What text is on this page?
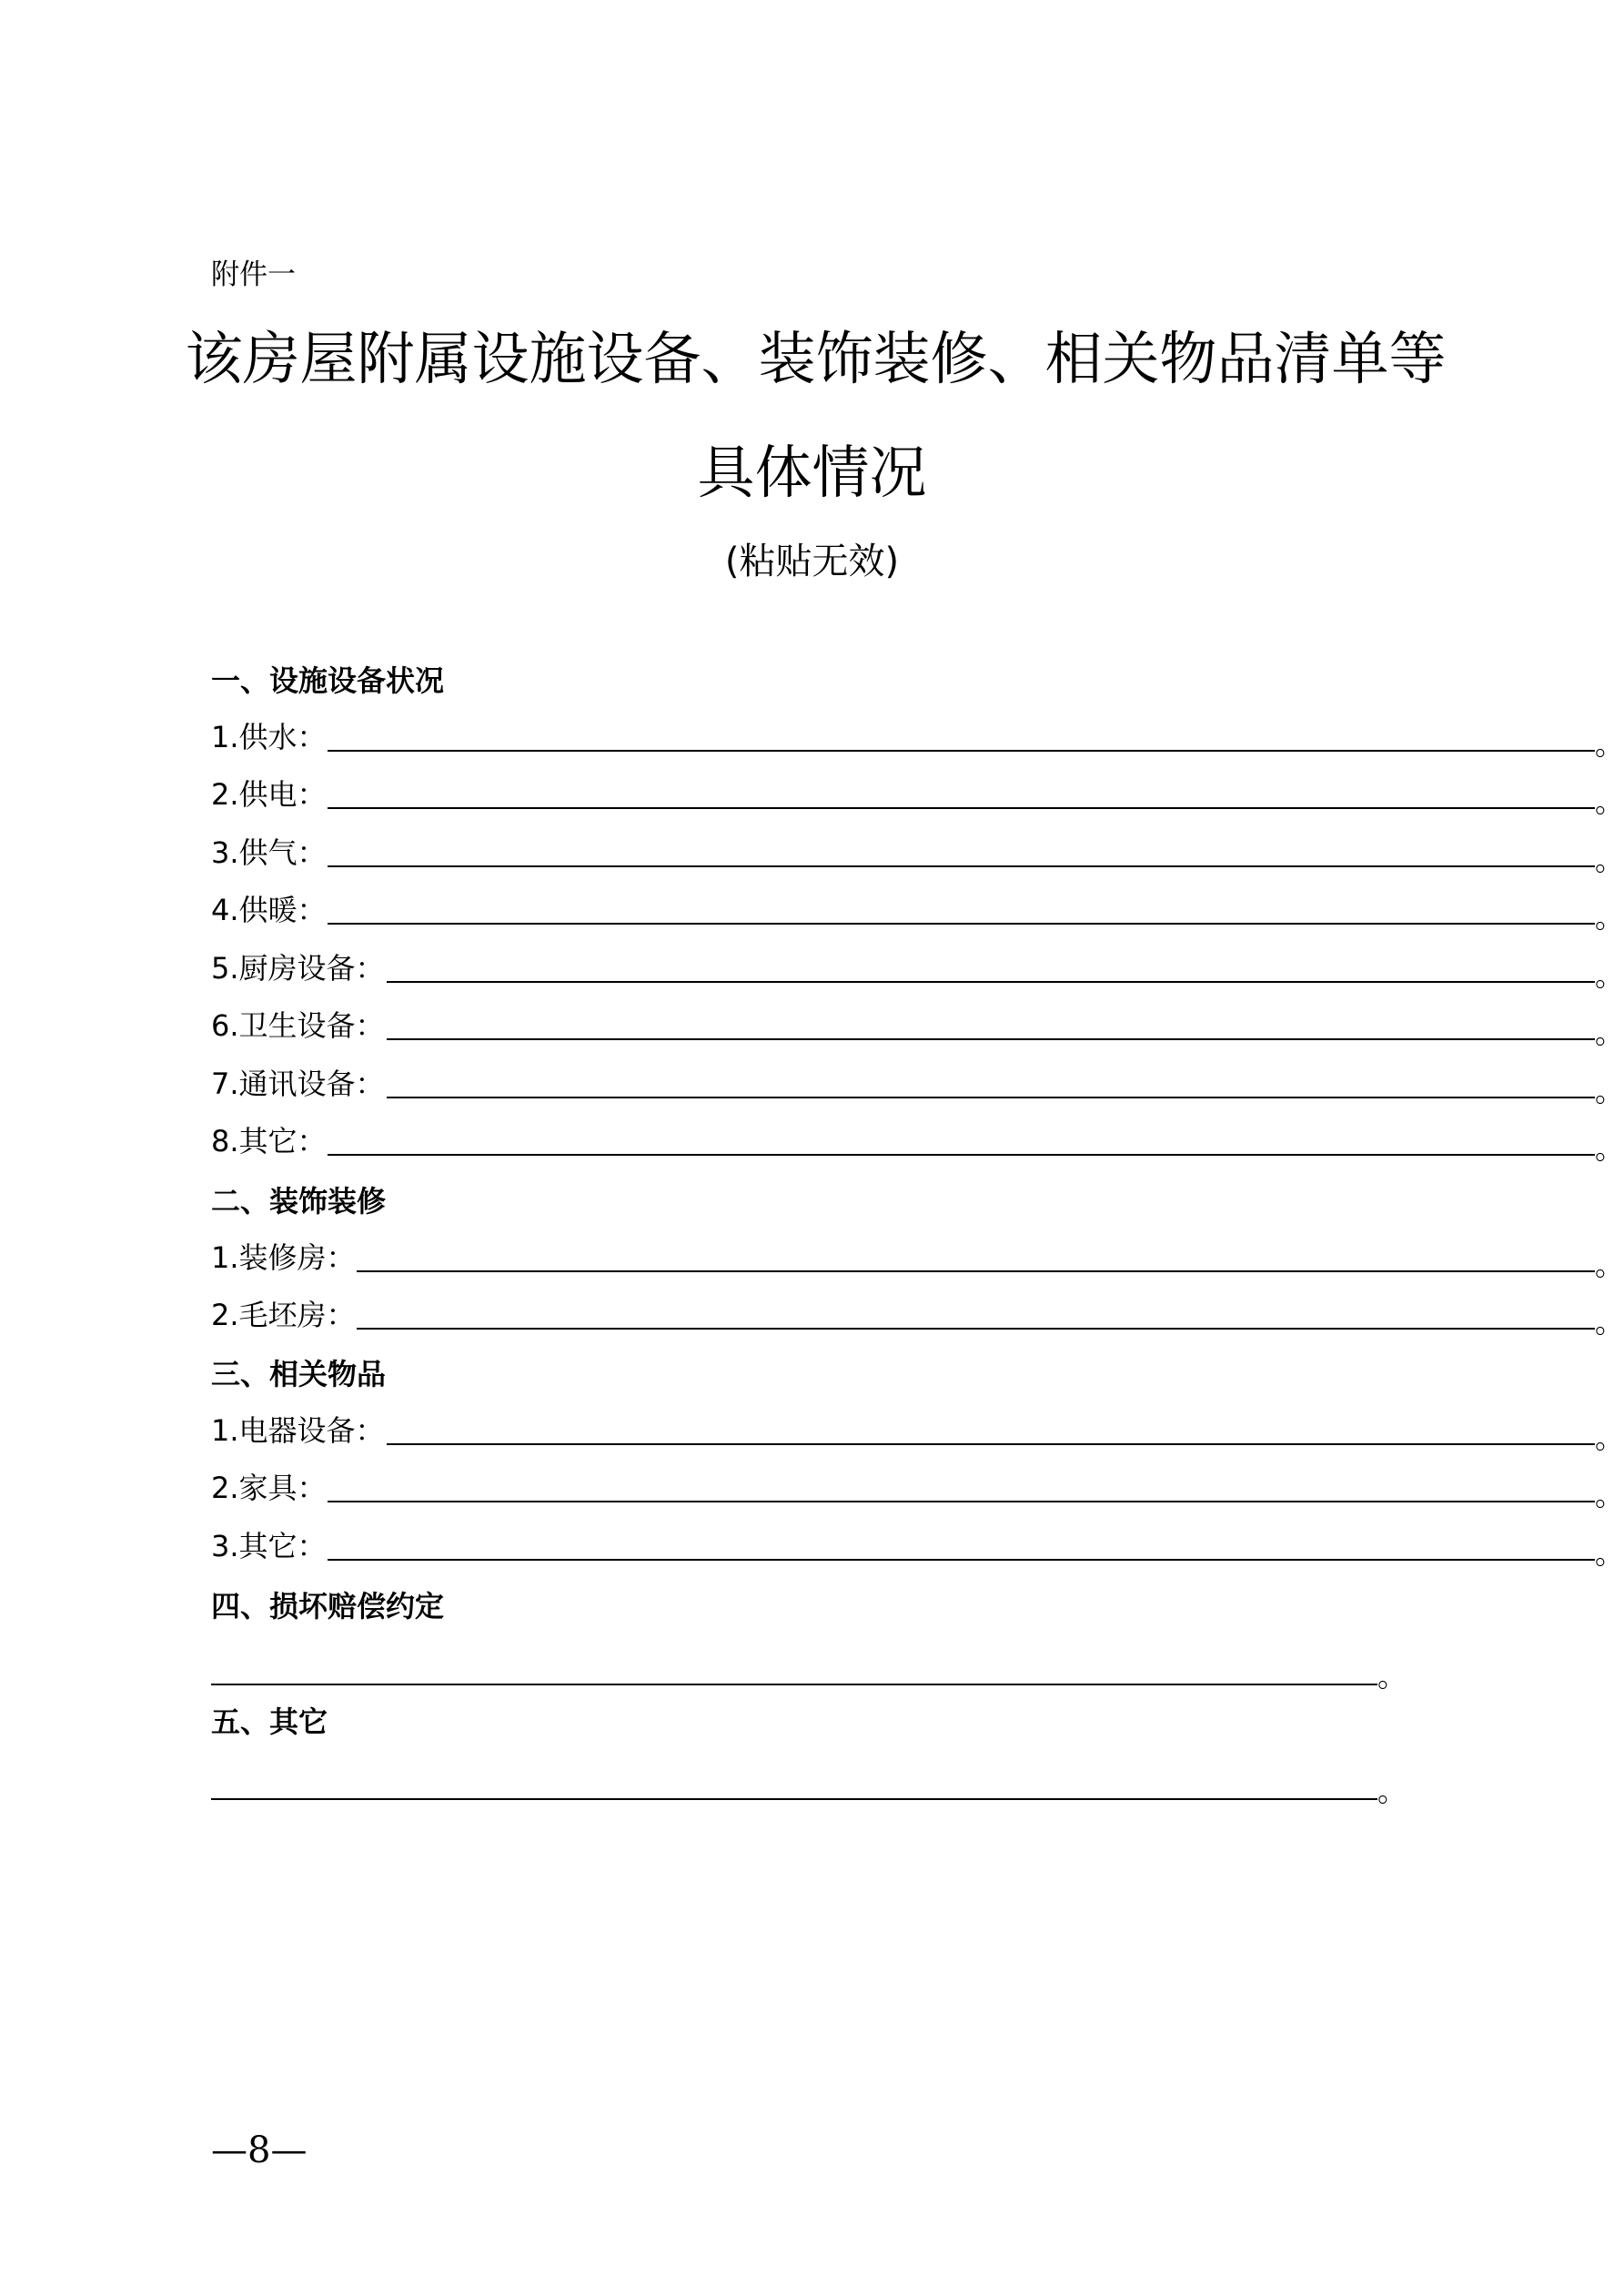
附件一
该房屋附属设施设备、装饰装修、相关物品清单等
具体情况
(粘贴无效)
一、设施设备状况
1.供水：	。
2.供电：	。
3.供气：	。
4.供暖：	。
5.厨房设备：	。
6.卫生设备：	。
7.通讯设备：	。
8.其它：	。
二、装饰装修
1.装修房：	。
2.毛坯房：	。
三、相关物品
1.电器设备：	。
2.家具：	。
3.其它：	。
四、损坏赔偿约定
。
五、其它
。
—8—
